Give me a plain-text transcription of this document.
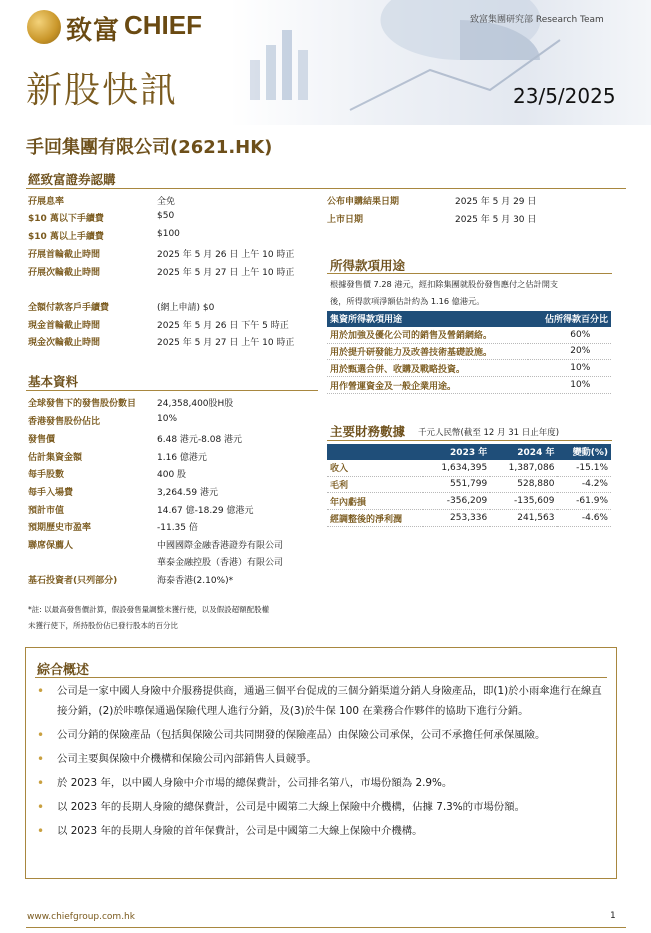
致富 CHIEF	致富集團研究部 Research Team
新股快訊	23/5/2025
手回集團有限公司(2621.HK)
經致富證券認購
孖展息率	全免
$10 萬以下手續費	$50
$10 萬以上手續費	$100
孖展首輪截止時間	2025 年 5 月 26 日 上午 10 時正
孖展次輪截止時間	2025 年 5 月 27 日 上午 10 時正
全額付款客戶手續費	(網上申請) $0
現金首輪截止時間	2025 年 5 月 26 日 下午 5 時正
現金次輪截止時間	2025 年 5 月 27 日 上午 10 時正
公布申購結果日期	2025 年 5 月 29 日
上市日期	2025 年 5 月 30 日
基本資料
全球發售下的發售股份數目 24,358,400股H股
香港發售股份佔比	10%
發售價	6.48 港元-8.08 港元
估計集資金額	1.16 億港元
每手股數	400 股
每手入場費	3,264.59 港元
預計市值	14.67 億-18.29 億港元
預期歷史市盈率	-11.35 倍
聯席保薦人	中國國際金融香港證券有限公司
華泰金融控股（香港）有限公司
基石投資者(只列部分)	海泰香港(2.10%)*
*註: 以最高發售價計算，假設發售量調整未獲行使，以及假設超額配股權
未獲行使下，所持股份佔已發行股本的百分比
所得款項用途
根據發售價 7.28 港元，經扣除集團就股份發售應付之估計開支
後，所得款項淨額估計約為 1.16 億港元。
集資所得款項用途	佔所得款百分比
用於加強及優化公司的銷售及營銷網絡。	60%
用於提升研發能力及改善技術基礎設施。	20%
用於甄選合併、收購及戰略投資。	10%
用作營運資金及一般企業用途。	10%
主要財務數據 千元人民幣(截至 12 月 31 日止年度)
	2023 年	2024 年	變動(%)
收入	1,634,395	1,387,086	-15.1%
毛利	551,799	528,880	-4.2%
年內虧損	-356,209	-135,609	-61.9%
經調整後的淨利潤	253,336	241,563	-4.6%
綜合概述
• 公司是一家中國人身險中介服務提供商，通過三個平台促成的三個分銷渠道分銷人身險產品，即(1)於小雨傘進行在線直接分銷，(2)於咔嚓保通過保險代理人進行分銷，及(3)於牛保 100 在業務合作夥伴的協助下進行分銷。
• 公司分銷的保險產品（包括與保險公司共同開發的保險產品）由保險公司承保，公司不承擔任何承保風險。
• 公司主要與保險中介機構和保險公司內部銷售人員競爭。
• 於 2023 年，以中國人身險中介市場的總保費計，公司排名第八，市場份額為 2.9%。
• 以 2023 年的長期人身險的總保費計，公司是中國第二大線上保險中介機構，佔據 7.3%的市場份額。
• 以 2023 年的長期人身險的首年保費計，公司是中國第二大線上保險中介機構。
www.chiefgroup.com.hk	1
